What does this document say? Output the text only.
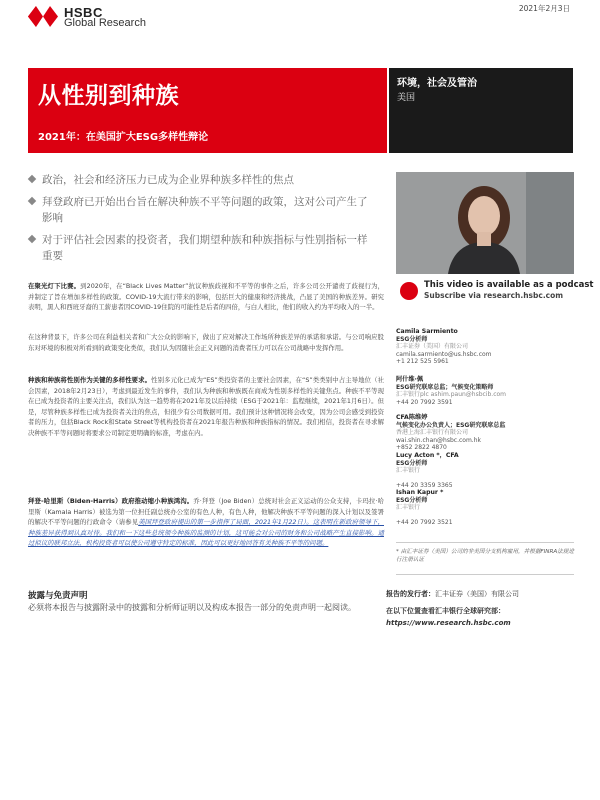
HSBC
Global Research
2021年2月3日
从性别到种族
2021年：在美国扩大ESG多样性辩论
环境，社会及管治
美国
政治，社会和经济压力已成为企业界种族多样性的焦点
拜登政府已开始出台旨在解决种族不平等问题的政策，这对公司产生了影响
对于评估社会因素的投资者，我们期望种族和种族指标与性别指标一样重要
This video is available as a podcast
Subscribe via research.hsbc.com
在聚光灯下比赛。到2020年，在“Black Lives Matter”抗议种族歧视和不平等的事件之后，许多公司公开谴责了歧视行为，并制定了旨在增加多样性的政策。COVID-19大流行带来的影响，包括巨大的健康和经济挑战，凸显了美国的种族差异。研究表明，黑人和西班牙裔的工薪患者因COVID-19住院的可能性是后者的四倍，与白人相比，他们的收入约为平均收入的一半。
在这种背景下，许多公司在利益相关者和广大公众的影响下，做出了应对解决工作场所种族差异的承诺和承诺。与公司响应股东对环境的积极对所看到的政策变化类似，我们认为因随社会正义问题的消费者压力可以在公司战略中发挥作用。
种族和种族将性别作为关键的多样性要求。性别多元化已成为“ES”类投资者的主要社会因素，在“S”类类别中占主导地位（社会因素，2018年2月23日），考虑到最近发生的事件，我们认为种族和种族既在商成为性别多样性的关键焦点。种族不平等现在已成为投资者的主要关注点，我们认为这一趋势将在2021年及以后持续（ESG于2021年：监程继续，2021年1月6日）。但是，尽管种族多样性已成为投资者关注的焦点，但很少有公司数据可用。我们预计这种情况将会改变，因为公司会感受到投资者的压力，包括Black Rock和State Street等机构投资者在2021年报告种族和种族指标的情况。我们相信，投资者在寻求解决种族不平等问题时将要求公司制定更明确的标准，考虑在内。
拜登-哈里斯（Biden-Harris）政府推动缩小种族鸿沟。乔·拜登（Joe Biden）总统对社会正义运动的公众支持，卡玛拉·哈里斯（Kamala Harris）被选为第一位担任副总统办公室的有色人种，有色人种，他解决种族不平等问题的深入计划以及签署的解决不平等问题的行政命令（请参见美国拜登政府提出的第一步指挥了局面，2021年1月22日）。这表明在新政府领导下，种族差异获得到认真对待。我们和一下这些总统领今种族的监测的计划，这可能会对公司的财务和公司战略产生直接影响。通过拟议的联邦立法，机构投资者可以使公司遵守特定的标准，因此可以更好地回答有关种族不平等的问题。
Camila Sarmiento
ESG分析师
汇丰证券（美国）有限公司
camila.sarmiento@us.hsbc.com
+1 212 525 5961
阿什维·佩
ESG研究联席总监；气候变化策略师
汇丰银行plc ashim.paun@hsbcib.com
+44 20 7992 3591
CFA陈维婷
气候变化办公负责人；ESG研究联席总监
香港上海汇丰银行有限公司
wai.shin.chan@hsbc.com.hk
+852 2822 4870
Lucy Acton *，CFA
ESG分析师
汇丰银行
+44 20 3359 3365
Ishan Kapur *
ESG分析师
汇丰银行
+44 20 7992 3521
* 由汇丰证券（美国）公司的非美国分支机构雇用，并根据FINRA法规进行注册认证
披露与免责声明
必须将本报告与披露附录中的披露和分析师证明以及构成本报告一部分的免责声明一起阅读。
报告的发行者：汇丰证券（美国）有限公司
在以下位置查看汇丰银行全球研究部：
https://www.research.hsbc.com
